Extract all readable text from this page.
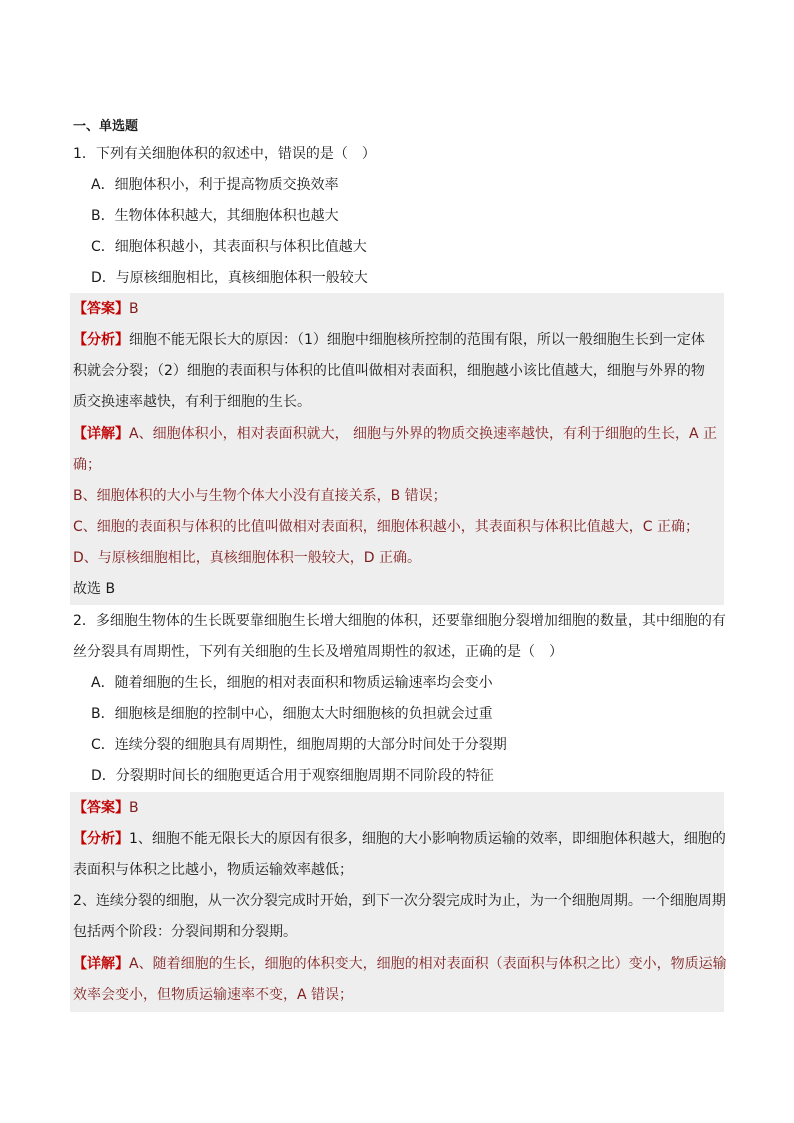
一、单选题
1．下列有关细胞体积的叙述中，错误的是（　）
A．细胞体积小，利于提高物质交换效率
B．生物体体积越大，其细胞体积也越大
C．细胞体积越小，其表面积与体积比值越大
D．与原核细胞相比，真核细胞体积一般较大
【答案】B
【分析】细胞不能无限长大的原因：（1）细胞中细胞核所控制的范围有限，所以一般细胞生长到一定体
积就会分裂；（2）细胞的表面积与体积的比值叫做相对表面积，细胞越小该比值越大，细胞与外界的物
质交换速率越快，有利于细胞的生长。
【详解】A、细胞体积小，相对表面积就大， 细胞与外界的物质交换速率越快，有利于细胞的生长，A 正
确；
B、细胞体积的大小与生物个体大小没有直接关系，B 错误；
C、细胞的表面积与体积的比值叫做相对表面积，细胞体积越小，其表面积与体积比值越大，C 正确；
D、与原核细胞相比，真核细胞体积一般较大，D 正确。
故选 B
2．多细胞生物体的生长既要靠细胞生长增大细胞的体积，还要靠细胞分裂增加细胞的数量，其中细胞的有
丝分裂具有周期性，下列有关细胞的生长及增殖周期性的叙述，正确的是（　）
A．随着细胞的生长，细胞的相对表面积和物质运输速率均会变小
B．细胞核是细胞的控制中心，细胞太大时细胞核的负担就会过重
C．连续分裂的细胞具有周期性，细胞周期的大部分时间处于分裂期
D．分裂期时间长的细胞更适合用于观察细胞周期不同阶段的特征
【答案】B
【分析】1、细胞不能无限长大的原因有很多，细胞的大小影响物质运输的效率，即细胞体积越大，细胞的
表面积与体积之比越小，物质运输效率越低；
2、连续分裂的细胞，从一次分裂完成时开始，到下一次分裂完成时为止，为一个细胞周期。一个细胞周期
包括两个阶段：分裂间期和分裂期。
【详解】A、随着细胞的生长，细胞的体积变大，细胞的相对表面积（表面积与体积之比）变小，物质运输
效率会变小，但物质运输速率不变，A 错误；
